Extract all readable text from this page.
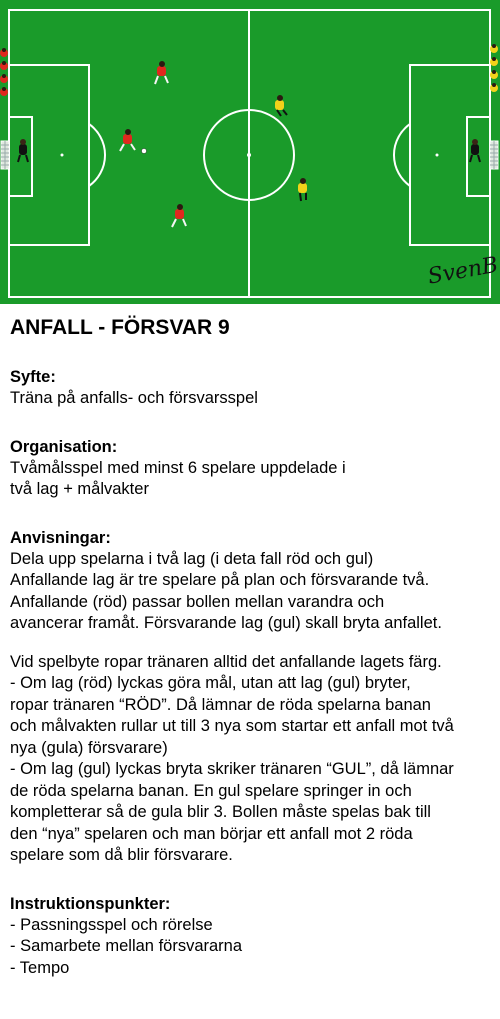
SvenB
ANFALL - FÖRSVAR 9
Syfte:
Träna på anfalls- och försvarsspel
Organisation:
Tvåmålsspel med minst 6 spelare uppdelade i
två lag + målvakter
Anvisningar:
Dela upp spelarna i två lag (i deta fall röd och gul)
Anfallande lag är tre spelare på plan och försvarande två.
Anfallande (röd) passar bollen mellan varandra och
avancerar framåt. Försvarande lag (gul) skall bryta anfallet.
Vid spelbyte ropar tränaren alltid det anfallande lagets färg.
- Om lag (röd) lyckas göra mål, utan att lag (gul) bryter,
ropar tränaren “RÖD”. Då lämnar de röda spelarna banan
och målvakten rullar ut till 3 nya som startar ett anfall mot två
nya (gula) försvarare)
- Om lag (gul) lyckas bryta skriker tränaren “GUL”, då lämnar
de röda spelarna banan. En gul spelare springer in och
kompletterar så de gula blir 3. Bollen måste spelas bak till
den “nya” spelaren och man börjar ett anfall mot 2 röda
spelare som då blir försvarare.
Instruktionspunkter:
- Passningsspel och rörelse
- Samarbete mellan försvararna
- Tempo
